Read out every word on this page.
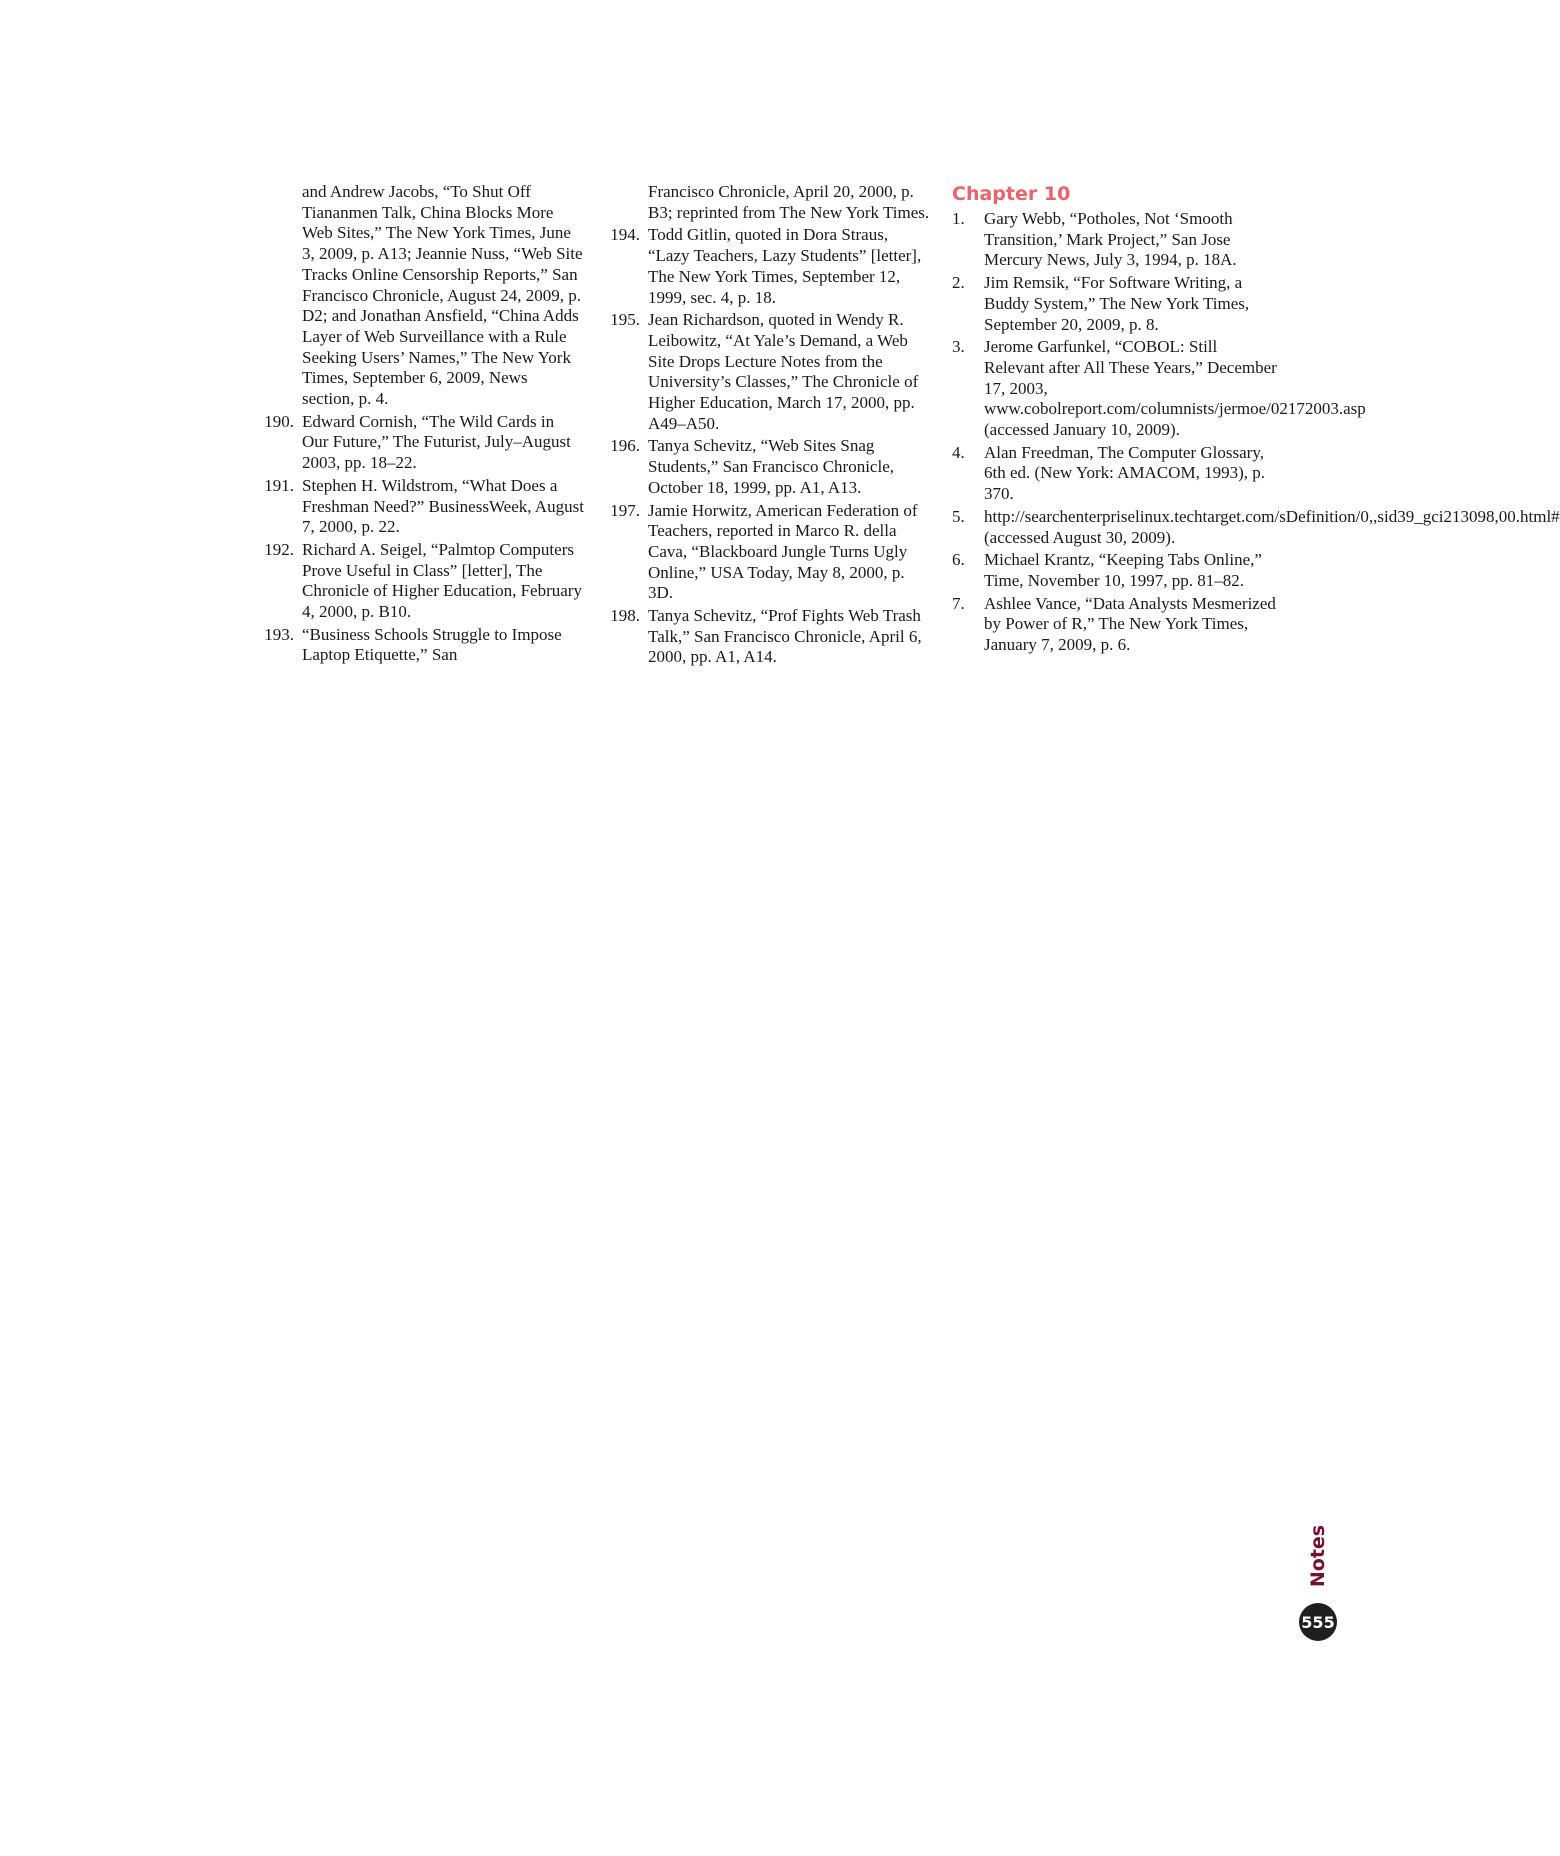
and Andrew Jacobs, “To Shut Off Tiananmen Talk, China Blocks More Web Sites,” The New York Times, June 3, 2009, p. A13; Jeannie Nuss, “Web Site Tracks Online Censorship Reports,” San Francisco Chronicle, August 24, 2009, p. D2; and Jonathan Ansfield, “China Adds Layer of Web Surveillance with a Rule Seeking Users’ Names,” The New York Times, September 6, 2009, News section, p. 4.
190. Edward Cornish, “The Wild Cards in Our Future,” The Futurist, July–August 2003, pp. 18–22.
191. Stephen H. Wildstrom, “What Does a Freshman Need?” BusinessWeek, August 7, 2000, p. 22.
192. Richard A. Seigel, “Palmtop Computers Prove Useful in Class” [letter], The Chronicle of Higher Education, February 4, 2000, p. B10.
193. “Business Schools Struggle to Impose Laptop Etiquette,” San
Francisco Chronicle, April 20, 2000, p. B3; reprinted from The New York Times.
194. Todd Gitlin, quoted in Dora Straus, “Lazy Teachers, Lazy Students” [letter], The New York Times, September 12, 1999, sec. 4, p. 18.
195. Jean Richardson, quoted in Wendy R. Leibowitz, “At Yale’s Demand, a Web Site Drops Lecture Notes from the University’s Classes,” The Chronicle of Higher Education, March 17, 2000, pp. A49–A50.
196. Tanya Schevitz, “Web Sites Snag Students,” San Francisco Chronicle, October 18, 1999, pp. A1, A13.
197. Jamie Horwitz, American Federation of Teachers, reported in Marco R. della Cava, “Blackboard Jungle Turns Ugly Online,” USA Today, May 8, 2000, p. 3D.
198. Tanya Schevitz, “Prof Fights Web Trash Talk,” San Francisco Chronicle, April 6, 2000, pp. A1, A14.
Chapter 10
1. Gary Webb, “Potholes, Not ‘Smooth Transition,’ Mark Project,” San Jose Mercury News, July 3, 1994, p. 18A.
2. Jim Remsik, “For Software Writing, a Buddy System,” The New York Times, September 20, 2009, p. 8.
3. Jerome Garfunkel, “COBOL: Still Relevant after All These Years,” December 17, 2003, www.cobolreport.com/columnists/jermoe/02172003.asp (accessed January 10, 2009).
4. Alan Freedman, The Computer Glossary, 6th ed. (New York: AMACOM, 1993), p. 370.
5. http://searchenterpriselinux.techtarget.com/sDefinition/0,,sid39_gci213098,00.html# (accessed August 30, 2009).
6. Michael Krantz, “Keeping Tabs Online,” Time, November 10, 1997, pp. 81–82.
7. Ashlee Vance, “Data Analysts Mesmerized by Power of R,” The New York Times, January 7, 2009, p. 6.
Notes
555
